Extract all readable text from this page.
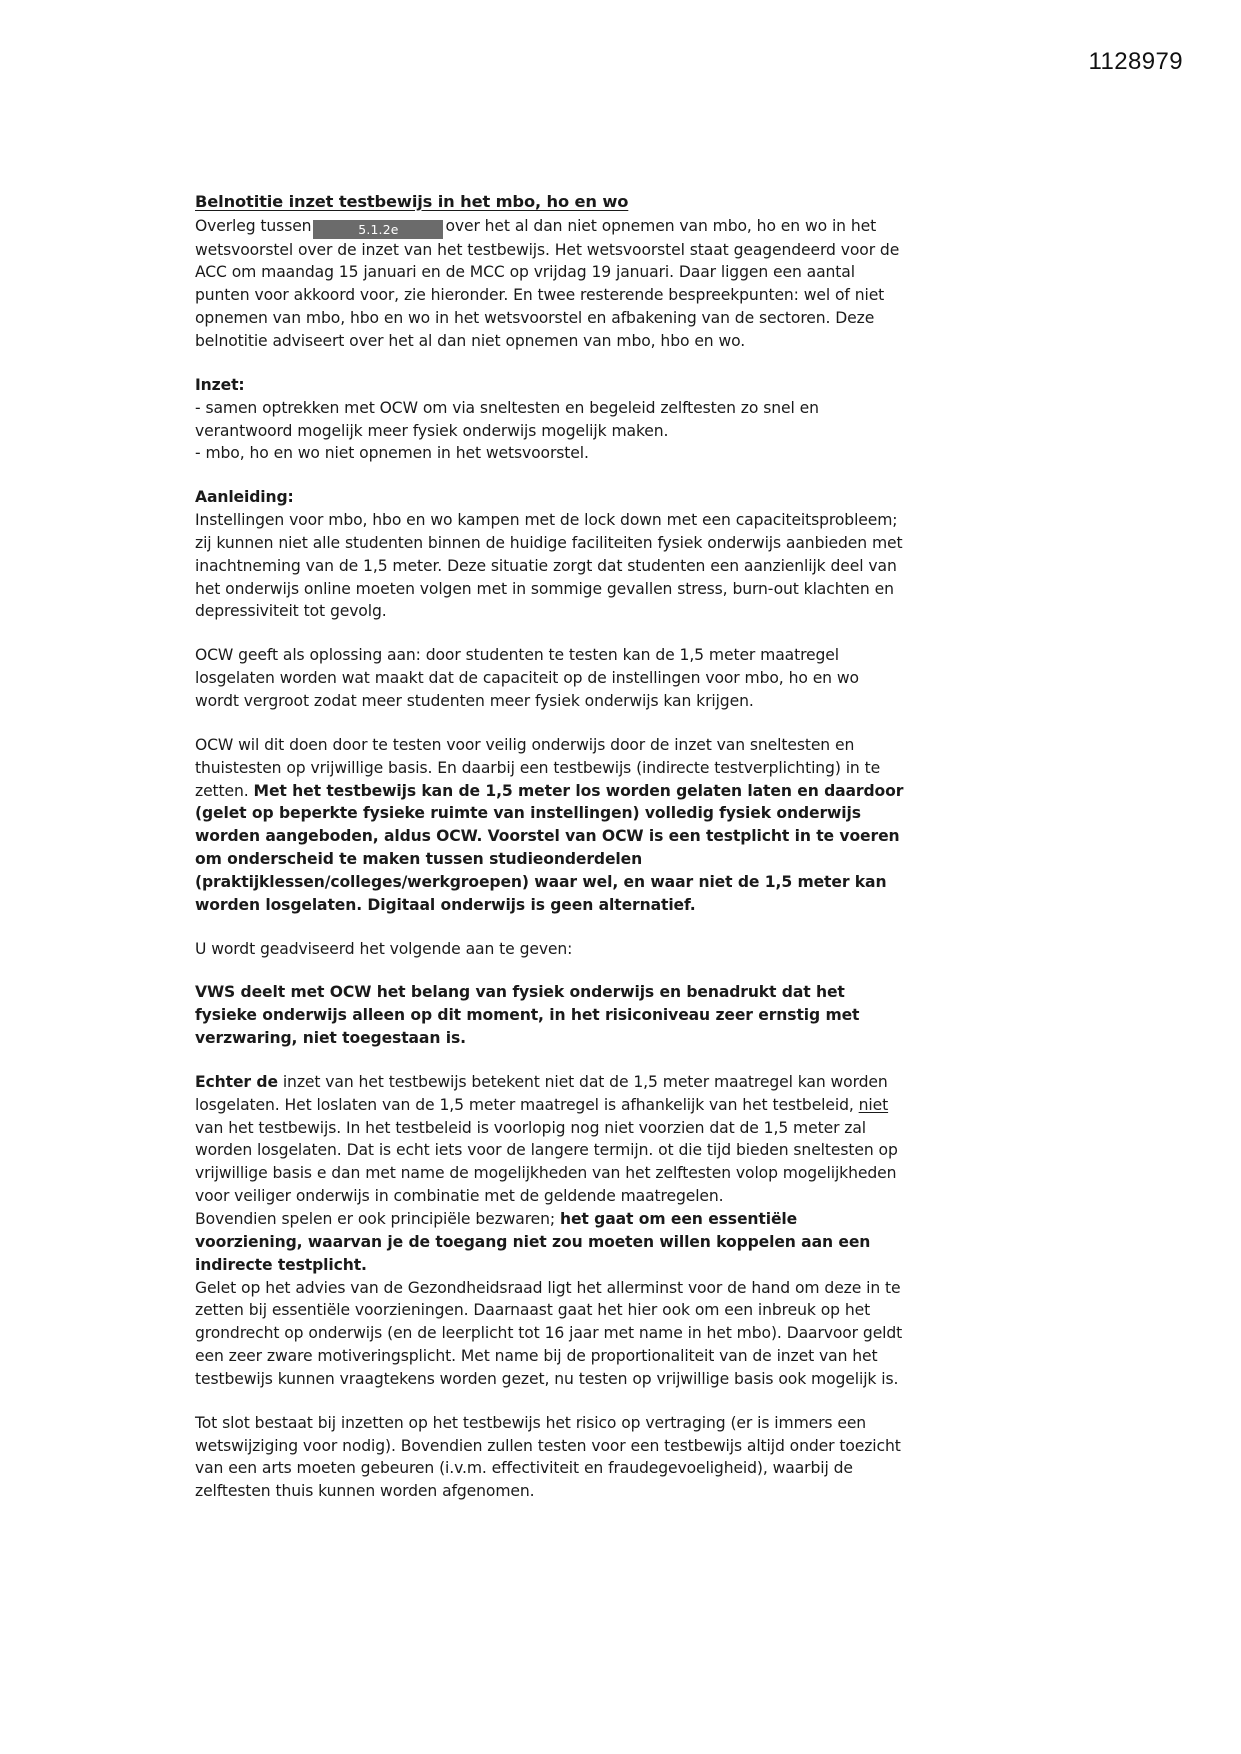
1128979
Belnotitie inzet testbewijs in het mbo, ho en wo

Overleg tussen	5.1.2e	over het al dan niet opnemen van mbo, ho en wo in het wetsvoorstel over de inzet van het testbewijs. Het wetsvoorstel staat geagendeerd voor de ACC om maandag 15 januari en de MCC op vrijdag 19 januari. Daar liggen een aantal punten voor akkoord voor, zie hieronder. En twee resterende bespreekpunten: wel of niet opnemen van mbo, hbo en wo in het wetsvoorstel en afbakening van de sectoren. Deze belnotitie adviseert over het al dan niet opnemen van mbo, hbo en wo.

Inzet:

- samen optrekken met OCW om via sneltesten en begeleid zelftesten zo snel en verantwoord mogelijk meer fysiek onderwijs mogelijk maken.

- mbo, ho en wo niet opnemen in het wetsvoorstel.

Aanleiding:

Instellingen voor mbo, hbo en wo kampen met de lock down met een capaciteitsprobleem; zij kunnen niet alle studenten binnen de huidige faciliteiten fysiek onderwijs aanbieden met inachtneming van de 1,5 meter. Deze situatie zorgt dat studenten een aanzienlijk deel van het onderwijs online moeten volgen met in sommige gevallen stress, burn-out klachten en depressiviteit tot gevolg.

OCW geeft als oplossing aan: door studenten te testen kan de 1,5 meter maatregel losgelaten worden wat maakt dat de capaciteit op de instellingen voor mbo, ho en wo wordt vergroot zodat meer studenten meer fysiek onderwijs kan krijgen.

OCW wil dit doen door te testen voor veilig onderwijs door de inzet van sneltesten en thuistesten op vrijwillige basis. En daarbij een testbewijs (indirecte testverplichting) in te zetten. Met het testbewijs kan de 1,5 meter los worden gelaten laten en daardoor (gelet op beperkte fysieke ruimte van instellingen) volledig fysiek onderwijs worden aangeboden, aldus OCW. Voorstel van OCW is een testplicht in te voeren om onderscheid te maken tussen studieonderdelen (praktijklessen/colleges/werkgroepen) waar wel, en waar niet de 1,5 meter kan worden losgelaten. Digitaal onderwijs is geen alternatief.

U wordt geadviseerd het volgende aan te geven:

VWS deelt met OCW het belang van fysiek onderwijs en benadrukt dat het fysieke onderwijs alleen op dit moment, in het risiconiveau zeer ernstig met verzwaring, niet toegestaan is.

Echter de inzet van het testbewijs betekent niet dat de 1,5 meter maatregel kan worden losgelaten. Het loslaten van de 1,5 meter maatregel is afhankelijk van het testbeleid, niet van het testbewijs. In het testbeleid is voorlopig nog niet voorzien dat de 1,5 meter zal worden losgelaten. Dat is echt iets voor de langere termijn. ot die tijd bieden sneltesten op vrijwillige basis e dan met name de mogelijkheden van het zelftesten volop mogelijkheden voor veiliger onderwijs in combinatie met de geldende maatregelen.

Bovendien spelen er ook principiële bezwaren; het gaat om een essentiële voorziening, waarvan je de toegang niet zou moeten willen koppelen aan een indirecte testplicht.

Gelet op het advies van de Gezondheidsraad ligt het allerminst voor de hand om deze in te zetten bij essentiële voorzieningen. Daarnaast gaat het hier ook om een inbreuk op het grondrecht op onderwijs (en de leerplicht tot 16 jaar met name in het mbo). Daarvoor geldt een zeer zware motiveringsplicht. Met name bij de proportionaliteit van de inzet van het testbewijs kunnen vraagtekens worden gezet, nu testen op vrijwillige basis ook mogelijk is.

Tot slot bestaat bij inzetten op het testbewijs het risico op vertraging (er is immers een wetswijziging voor nodig). Bovendien zullen testen voor een testbewijs altijd onder toezicht van een arts moeten gebeuren (i.v.m. effectiviteit en fraudegevoeligheid), waarbij de zelftesten thuis kunnen worden afgenomen.
